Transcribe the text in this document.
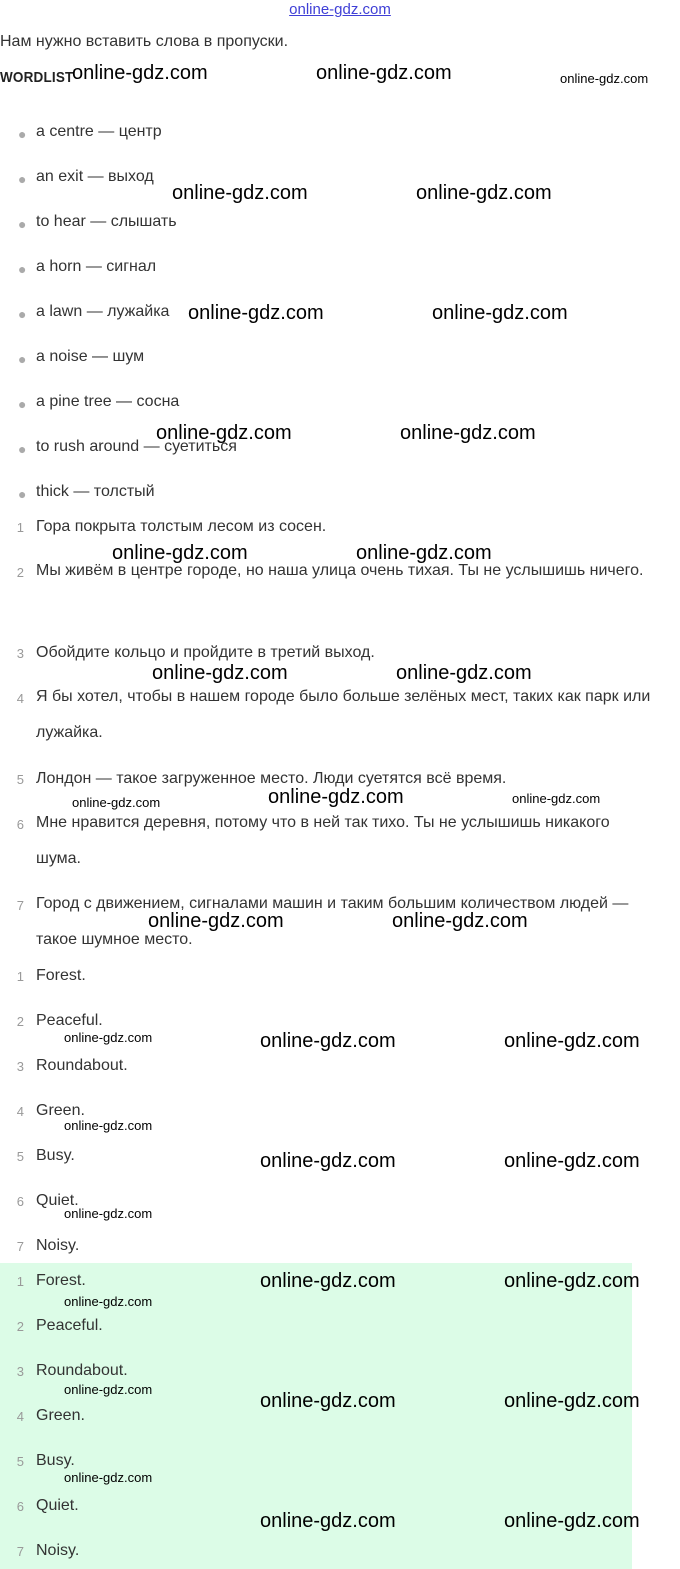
online-gdz.com
Нам нужно вставить слова в пропуски.
WORDLIST
● a centre — центр
● an exit — выход
● to hear — слышать
● a horn — сигнал
● a lawn — лужайка
● a noise — шум
● a pine tree — сосна
● to rush around — суетиться
● thick — толстый
1 Гора покрыта толстым лесом из сосен.
2 Мы живём в центре городе, но наша улица очень тихая. Ты не услышишь ничего.
3 Обойдите кольцо и пройдите в третий выход.
4 Я бы хотел, чтобы в нашем городе было больше зелёных мест, таких как парк или лужайка.
5 Лондон — такое загруженное место. Люди суетятся всё время.
6 Мне нравится деревня, потому что в ней так тихо. Ты не услышишь никакого шума.
7 Город с движением, сигналами машин и таким большим количеством людей — такое шумное место.
1 Forest.
2 Peaceful.
3 Roundabout.
4 Green.
5 Busy.
6 Quiet.
7 Noisy.
1 Forest.
2 Peaceful.
3 Roundabout.
4 Green.
5 Busy.
6 Quiet.
7 Noisy.
online-gdz.com	online-gdz.com	online-gdz.com
online-gdz.com	online-gdz.com
online-gdz.com	online-gdz.com
online-gdz.com	online-gdz.com
online-gdz.com	online-gdz.com
online-gdz.com	online-gdz.com
online-gdz.com	online-gdz.com	online-gdz.com
online-gdz.com	online-gdz.com
online-gdz.com	online-gdz.com	online-gdz.com
online-gdz.com
online-gdz.com	online-gdz.com
online-gdz.com
online-gdz.com	online-gdz.com
online-gdz.com
online-gdz.com
online-gdz.com	online-gdz.com
online-gdz.com
online-gdz.com	online-gdz.com
